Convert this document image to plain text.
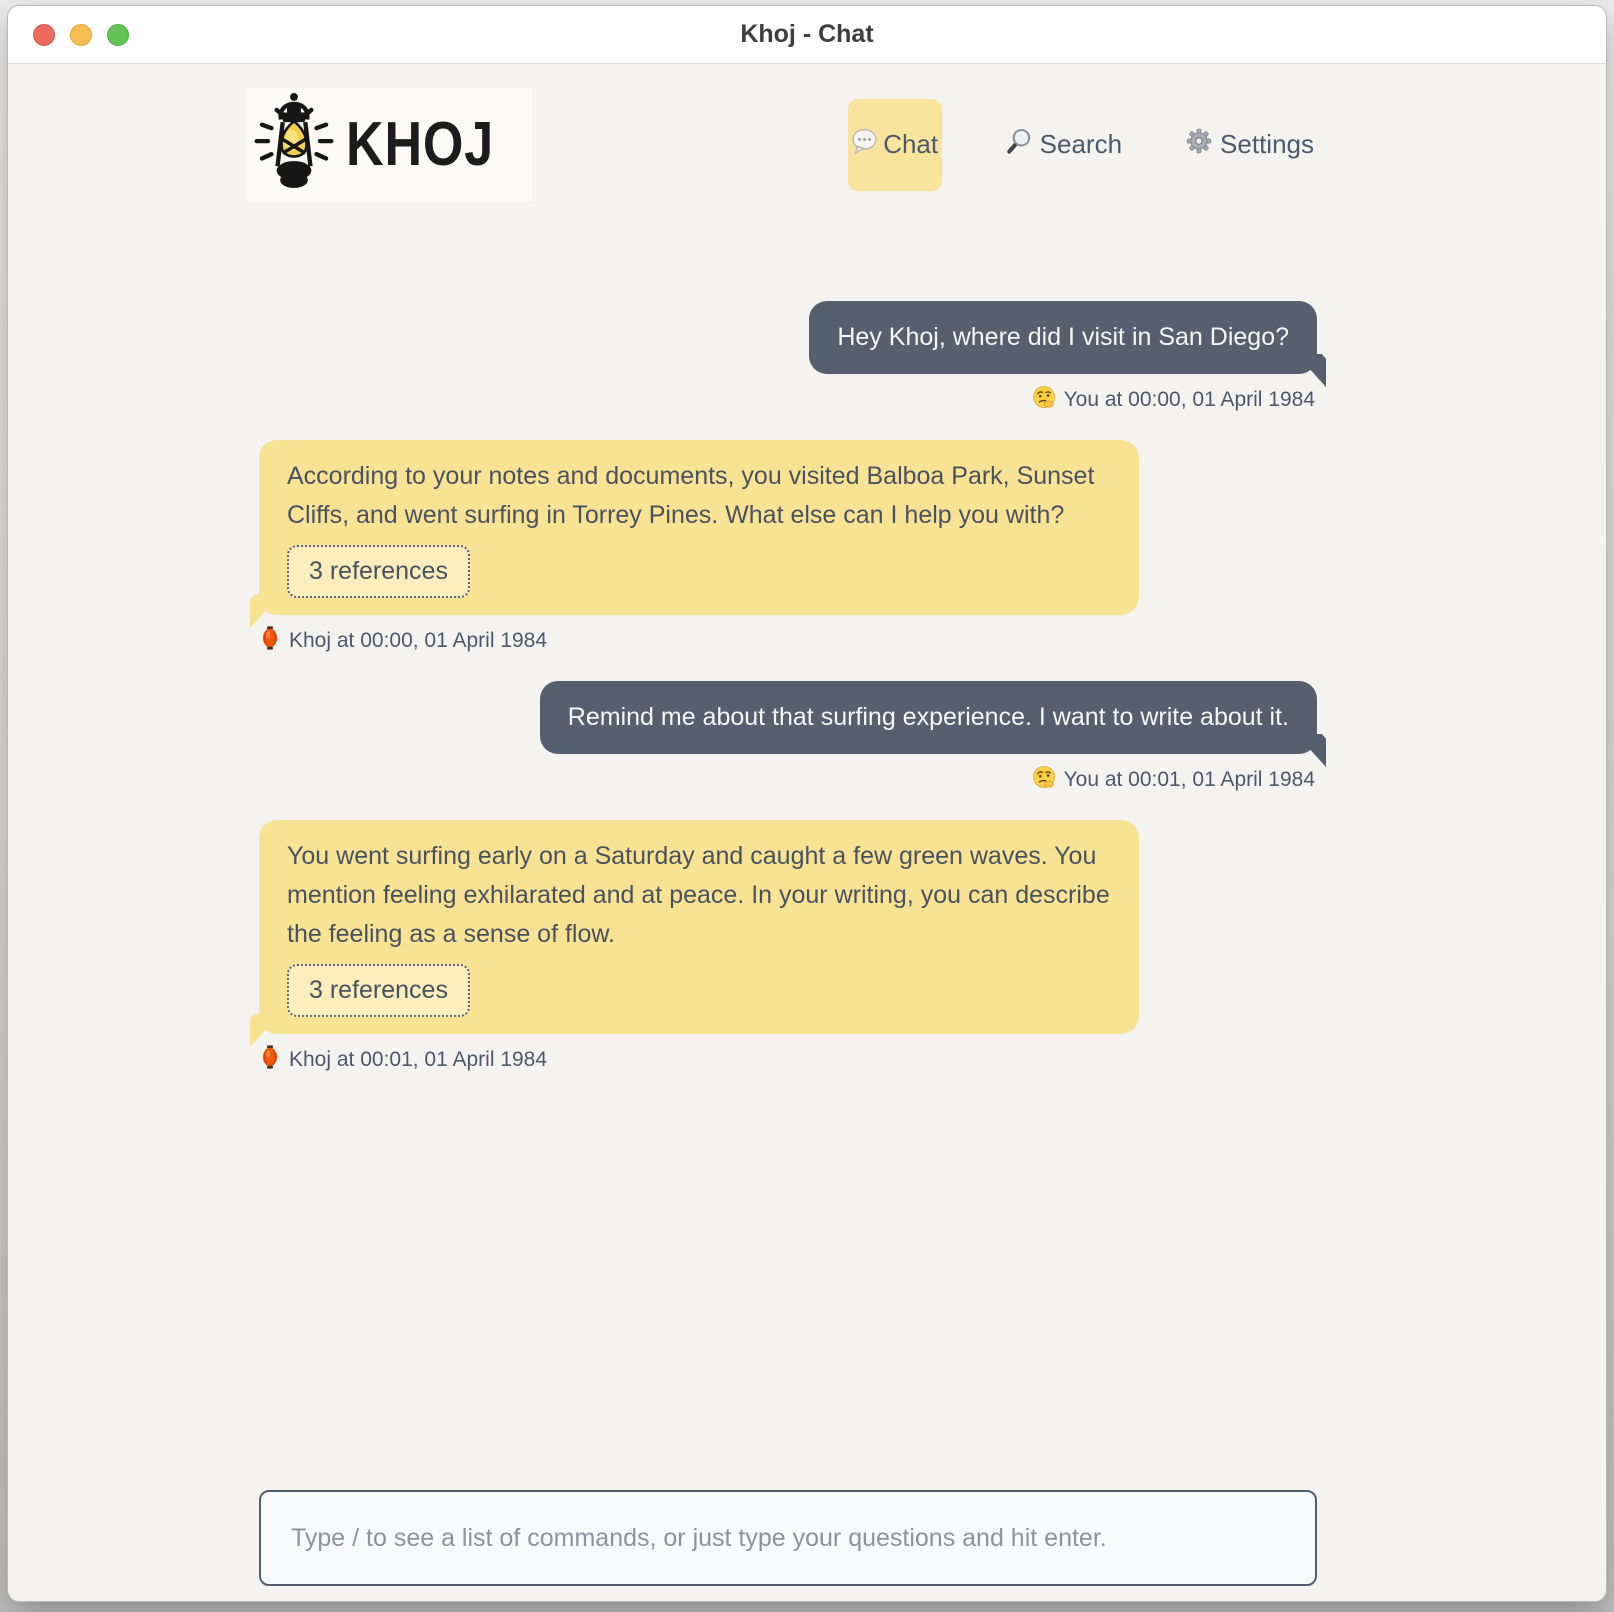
Khoj - Chat
KHOJ	Chat	Search	Settings
Hey Khoj, where did I visit in San Diego?
You at 00:00, 01 April 1984
According to your notes and documents, you visited Balboa Park, Sunset Cliffs, and went surfing in Torrey Pines. What else can I help you with?
3 references
Khoj at 00:00, 01 April 1984
Remind me about that surfing experience. I want to write about it.
You at 00:01, 01 April 1984
You went surfing early on a Saturday and caught a few green waves. You mention feeling exhilarated and at peace. In your writing, you can describe the feeling as a sense of flow.
3 references
Khoj at 00:01, 01 April 1984
Type / to see a list of commands, or just type your questions and hit enter.
